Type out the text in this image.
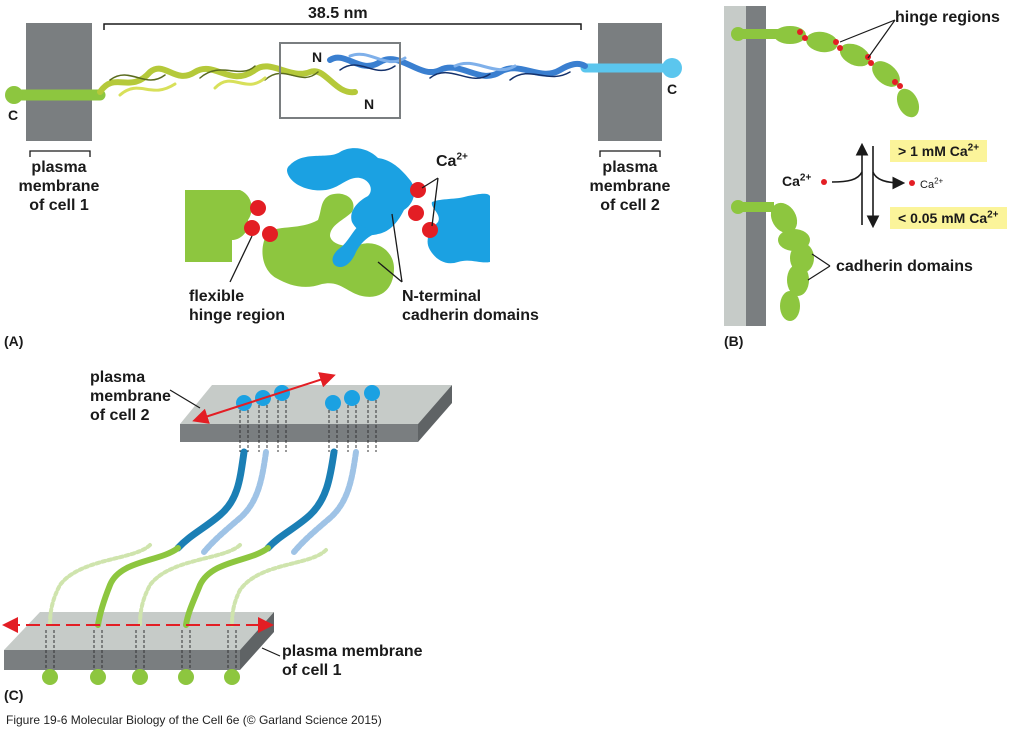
38.5 nm
C
C
N
N
plasma
membrane
of cell 1
plasma
membrane
of cell 2
$Ca^{2+}$
flexible
hinge region
N-terminal
cadherin domains
(A)
hinge regions
> 1 mM $Ca^{2+}$
< 0.05 mM $Ca^{2+}$
$Ca^{2+}$
$Ca^{2+}$
cadherin domains
(B)
plasma
membrane
of cell 2
plasma membrane
of cell 1
(C)
Figure 19-6 Molecular Biology of the Cell 6e (© Garland Science 2015)
